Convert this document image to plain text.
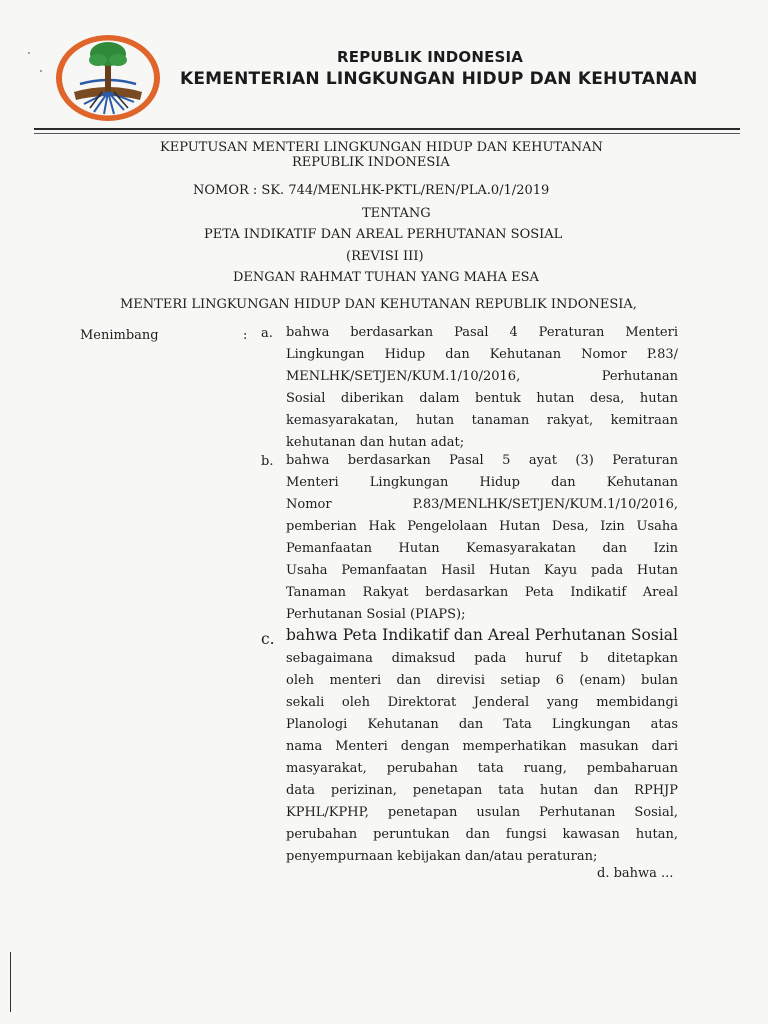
REPUBLIK INDONESIA
KEMENTERIAN LINGKUNGAN HIDUP DAN KEHUTANAN
KEPUTUSAN MENTERI LINGKUNGAN HIDUP DAN KEHUTANAN
REPUBLIK INDONESIA
NOMOR : SK. 744/MENLHK-PKTL/REN/PLA.0/1/2019
TENTANG
PETA INDIKATIF DAN AREAL PERHUTANAN SOSIAL
(REVISI III)
DENGAN RAHMAT TUHAN YANG MAHA ESA
MENTERI LINGKUNGAN HIDUP DAN KEHUTANAN REPUBLIK INDONESIA,
Menimbang	: a. bahwa berdasarkan Pasal 4 Peraturan Menteri
Lingkungan Hidup dan Kehutanan Nomor P.83/
MENLHK/SETJEN/KUM.1/10/2016, Perhutanan
Sosial diberikan dalam bentuk hutan desa, hutan
kemasyarakatan, hutan tanaman rakyat, kemitraan
kehutanan dan hutan adat;
b. bahwa berdasarkan Pasal 5 ayat (3) Peraturan
Menteri Lingkungan Hidup dan Kehutanan
Nomor P.83/MENLHK/SETJEN/KUM.1/10/2016,
pemberian Hak Pengelolaan Hutan Desa, Izin Usaha
Pemanfaatan Hutan Kemasyarakatan dan Izin
Usaha Pemanfaatan Hasil Hutan Kayu pada Hutan
Tanaman Rakyat berdasarkan Peta Indikatif Areal
Perhutanan Sosial (PIAPS);
c. bahwa Peta Indikatif dan Areal Perhutanan Sosial
sebagaimana dimaksud pada huruf b ditetapkan
oleh menteri dan direvisi setiap 6 (enam) bulan
sekali oleh Direktorat Jenderal yang membidangi
Planologi Kehutanan dan Tata Lingkungan atas
nama Menteri dengan memperhatikan masukan dari
masyarakat, perubahan tata ruang, pembaharuan
data perizinan, penetapan tata hutan dan RPHJP
KPHL/KPHP, penetapan usulan Perhutanan Sosial,
perubahan peruntukan dan fungsi kawasan hutan,
penyempurnaan kebijakan dan/atau peraturan;
d. bahwa ...
